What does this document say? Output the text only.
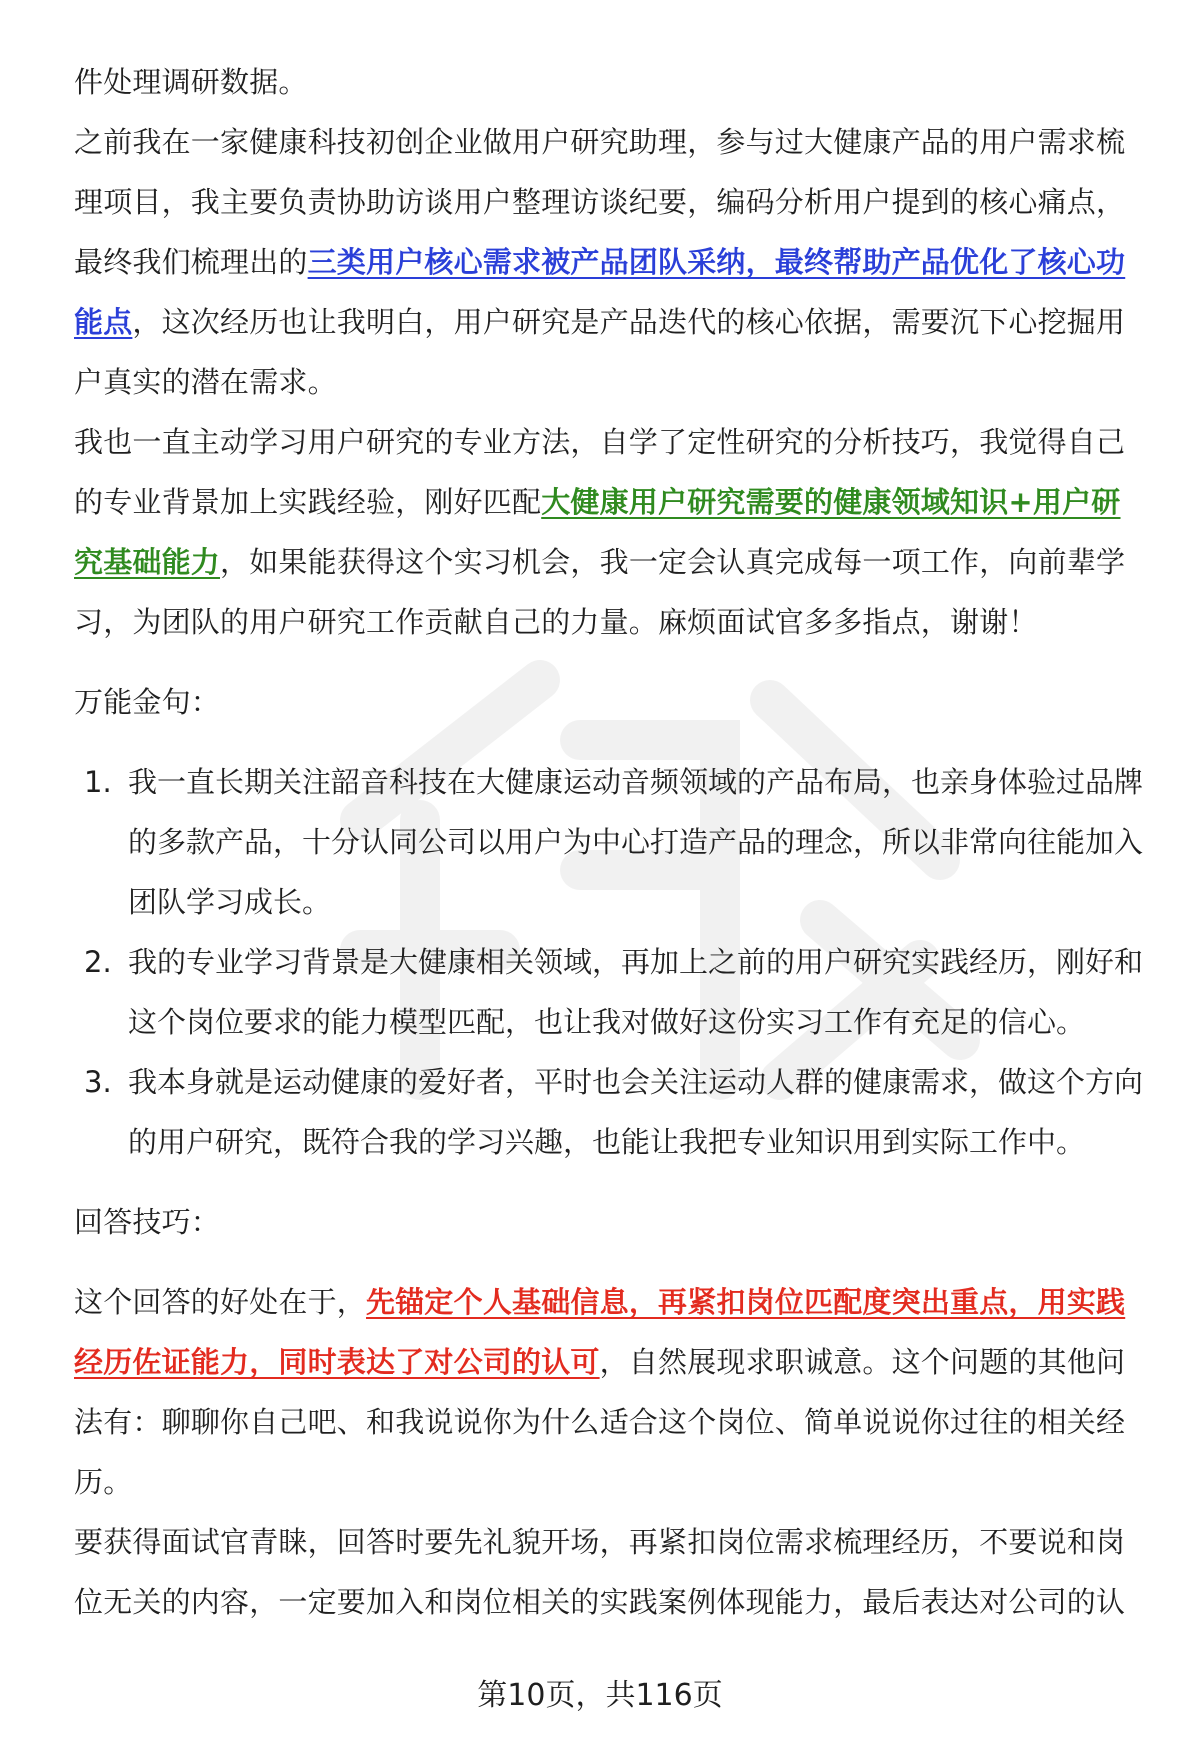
件处理调研数据。

之前我在一家健康科技初创企业做用户研究助理，参与过大健康产品的用户需求梳理项目，我主要负责协助访谈用户整理访谈纪要，编码分析用户提到的核心痛点，最终我们梳理出的三类用户核心需求被产品团队采纳，最终帮助产品优化了核心功能点，这次经历也让我明白，用户研究是产品迭代的核心依据，需要沉下心挖掘用户真实的潜在需求。

我也一直主动学习用户研究的专业方法，自学了定性研究的分析技巧，我觉得自己的专业背景加上实践经验，刚好匹配大健康用户研究需要的健康领域知识+用户研究基础能力，如果能获得这个实习机会，我一定会认真完成每一项工作，向前辈学习，为团队的用户研究工作贡献自己的力量。麻烦面试官多多指点，谢谢！

万能金句：

1. 我一直长期关注韶音科技在大健康运动音频领域的产品布局，也亲身体验过品牌的多款产品，十分认同公司以用户为中心打造产品的理念，所以非常向往能加入团队学习成长。
2. 我的专业学习背景是大健康相关领域，再加上之前的用户研究实践经历，刚好和这个岗位要求的能力模型匹配，也让我对做好这份实习工作有充足的信心。
3. 我本身就是运动健康的爱好者，平时也会关注运动人群的健康需求，做这个方向的用户研究，既符合我的学习兴趣，也能让我把专业知识用到实际工作中。

回答技巧：

这个回答的好处在于，先锚定个人基础信息，再紧扣岗位匹配度突出重点，用实践经历佐证能力，同时表达了对公司的认可，自然展现求职诚意。这个问题的其他问法有：聊聊你自己吧、和我说说你为什么适合这个岗位、简单说说你过往的相关经历。

要获得面试官青睐，回答时要先礼貌开场，再紧扣岗位需求梳理经历，不要说和岗位无关的内容，一定要加入和岗位相关的实践案例体现能力，最后表达对公司的认

第10页，共116页
